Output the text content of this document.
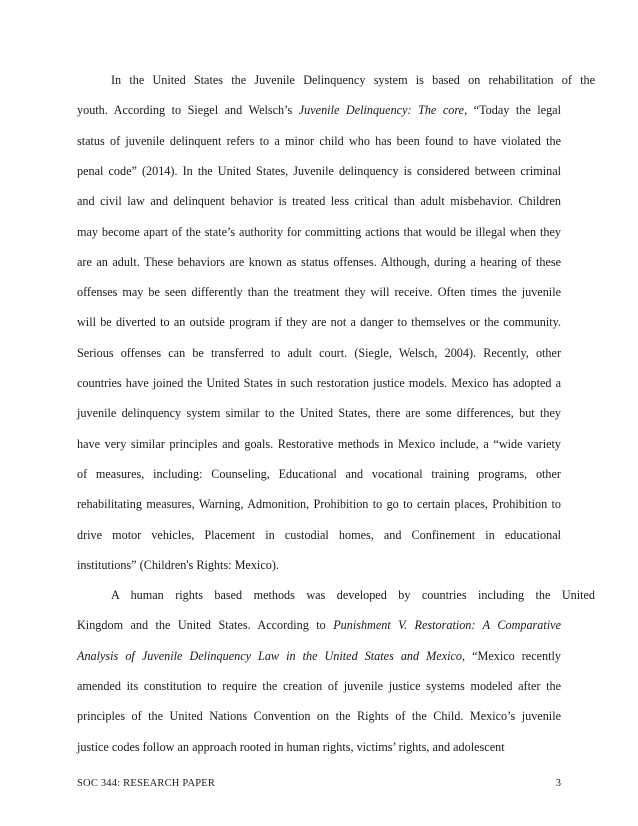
In the United States the Juvenile Delinquency system is based on rehabilitation of the
youth. According to Siegel and Welsch’s Juvenile Delinquency: The core, “Today the legal
status of juvenile delinquent refers to a minor child who has been found to have violated the
penal code” (2014). In the United States, Juvenile delinquency is considered between criminal
and civil law and delinquent behavior is treated less critical than adult misbehavior. Children
may become apart of the state’s authority for committing actions that would be illegal when they
are an adult. These behaviors are known as status offenses. Although, during a hearing of these
offenses may be seen differently than the treatment they will receive. Often times the juvenile
will be diverted to an outside program if they are not a danger to themselves or the community.
Serious offenses can be transferred to adult court. (Siegle, Welsch, 2004). Recently, other
countries have joined the United States in such restoration justice models. Mexico has adopted a
juvenile delinquency system similar to the United States, there are some differences, but they
have very similar principles and goals. Restorative methods in Mexico include, a “wide variety
of measures, including: Counseling, Educational and vocational training programs, other
rehabilitating measures, Warning, Admonition, Prohibition to go to certain places, Prohibition to
drive motor vehicles, Placement in custodial homes, and Confinement in educational
institutions” (Children's Rights: Mexico).
A human rights based methods was developed by countries including the United
Kingdom and the United States. According to Punishment V. Restoration: A Comparative
Analysis of Juvenile Delinquency Law in the United States and Mexico, “Mexico recently
amended its constitution to require the creation of juvenile justice systems modeled after the
principles of the United Nations Convention on the Rights of the Child. Mexico’s juvenile
justice codes follow an approach rooted in human rights, victims’ rights, and adolescent
SOC 344: RESEARCH PAPER	3
